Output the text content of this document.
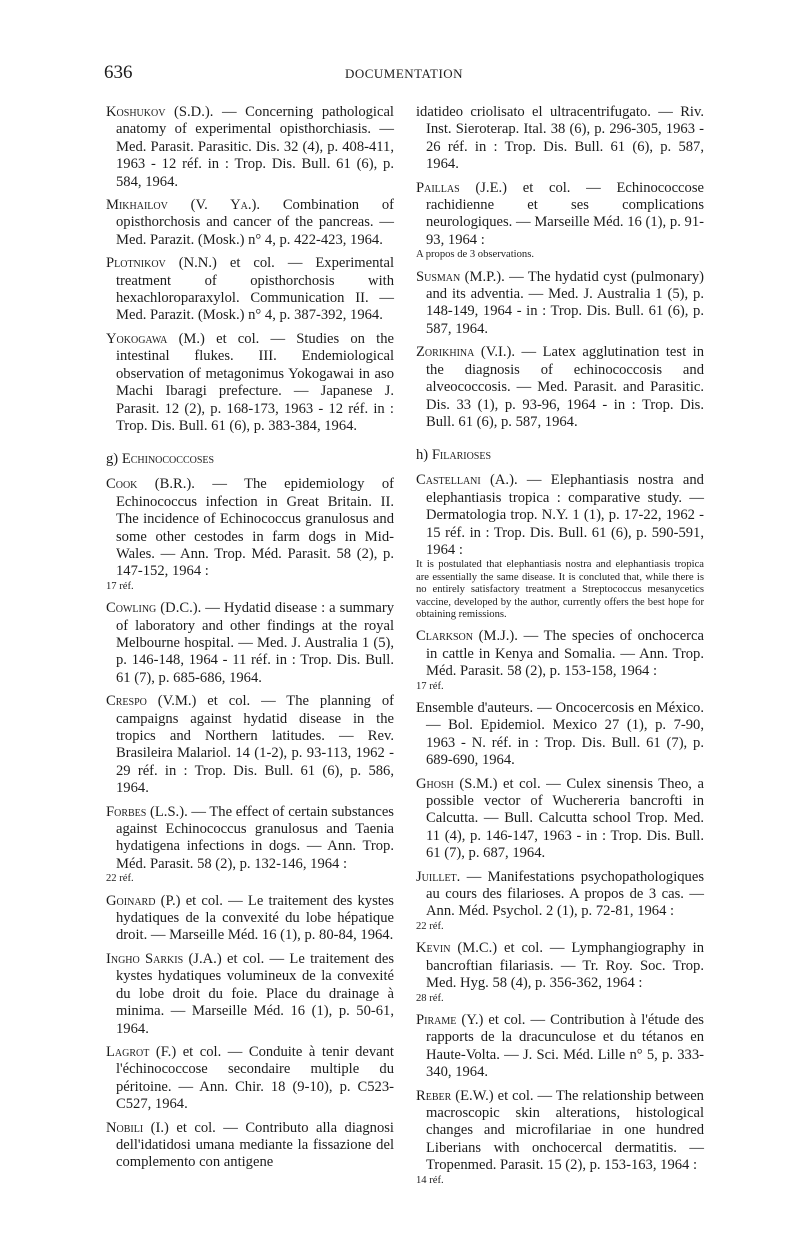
636	DOCUMENTATION

Koshukov (S.D.). — Concerning pathological anatomy of experimental opisthorchiasis. — Med. Parasit. Parasitic. Dis. 32 (4), p. 408-411, 1963 - 12 réf. in : Trop. Dis. Bull. 61 (6), p. 584, 1964.

Mikhailov (V. Ya.). Combination of opisthorchosis and cancer of the pancreas. — Med. Parazit. (Mosk.) n° 4, p. 422-423, 1964.

Plotnikov (N.N.) et col. — Experimental treatment of opisthorchosis with hexachloroparaxylol. Communication II. — Med. Parazit. (Mosk.) n° 4, p. 387-392, 1964.

Yokogawa (M.) et col. — Studies on the intestinal flukes. III. Endemiological observation of metagonimus Yokogawai in aso Machi Ibaragi prefecture. — Japanese J. Parasit. 12 (2), p. 168-173, 1963 - 12 réf. in : Trop. Dis. Bull. 61 (6), p. 383-384, 1964.

g) Echinococcoses

Cook (B.R.). — The epidemiology of Echinococcus infection in Great Britain. II. The incidence of Echinococcus granulosus and some other cestodes in farm dogs in Mid-Wales. — Ann. Trop. Méd. Parasit. 58 (2), p. 147-152, 1964 :

17 réf.

Cowling (D.C.). — Hydatid disease : a summary of laboratory and other findings at the royal Melbourne hospital. — Med. J. Australia 1 (5), p. 146-148, 1964 - 11 réf. in : Trop. Dis. Bull. 61 (7), p. 685-686, 1964.

Crespo (V.M.) et col. — The planning of campaigns against hydatid disease in the tropics and Northern latitudes. — Rev. Brasileira Malariol. 14 (1-2), p. 93-113, 1962 - 29 réf. in : Trop. Dis. Bull. 61 (6), p. 586, 1964.

Forbes (L.S.). — The effect of certain substances against Echinococcus granulosus and Taenia hydatigena infections in dogs. — Ann. Trop. Méd. Parasit. 58 (2), p. 132-146, 1964 :

22 réf.

Goinard (P.) et col. — Le traitement des kystes hydatiques de la convexité du lobe hépatique droit. — Marseille Méd. 16 (1), p. 80-84, 1964.

Ingho Sarkis (J.A.) et col. — Le traitement des kystes hydatiques volumineux de la convexité du lobe droit du foie. Place du drainage à minima. — Marseille Méd. 16 (1), p. 50-61, 1964.

Lagrot (F.) et col. — Conduite à tenir devant l'échinococcose secondaire multiple du péritoine. — Ann. Chir. 18 (9-10), p. C523-C527, 1964.

Nobili (I.) et col. — Contributo alla diagnosi dell'idatidosi umana mediante la fissazione del complemento con antigene

idatideo criolisato el ultracentrifugato. — Riv. Inst. Sieroterap. Ital. 38 (6), p. 296-305, 1963 - 26 réf. in : Trop. Dis. Bull. 61 (6), p. 587, 1964.

Paillas (J.E.) et col. — Echinococcose rachidienne et ses complications neurologiques. — Marseille Méd. 16 (1), p. 91-93, 1964 :

A propos de 3 observations.

Susman (M.P.). — The hydatid cyst (pulmonary) and its adventia. — Med. J. Australia 1 (5), p. 148-149, 1964 - in : Trop. Dis. Bull. 61 (6), p. 587, 1964.

Zorikhina (V.I.). — Latex agglutination test in the diagnosis of echinococcosis and alveococcosis. — Med. Parasit. and Parasitic. Dis. 33 (1), p. 93-96, 1964 - in : Trop. Dis. Bull. 61 (6), p. 587, 1964.

h) Filarioses

Castellani (A.). — Elephantiasis nostra and elephantiasis tropica : comparative study. — Dermatologia trop. N.Y. 1 (1), p. 17-22, 1962 - 15 réf. in : Trop. Dis. Bull. 61 (6), p. 590-591, 1964 :

It is postulated that elephantiasis nostra and elephantiasis tropica are essentially the same disease. It is concluted that, while there is no entirely satisfactory treatment a Streptococcus mesanycetics vaccine, developed by the author, currently offers the best hope for obtaining remissions.

Clarkson (M.J.). — The species of onchocerca in cattle in Kenya and Somalia. — Ann. Trop. Méd. Parasit. 58 (2), p. 153-158, 1964 :

17 réf.

Ensemble d'auteurs. — Oncocercosis en México. — Bol. Epidemiol. Mexico 27 (1), p. 7-90, 1963 - N. réf. in : Trop. Dis. Bull. 61 (7), p. 689-690, 1964.

Ghosh (S.M.) et col. — Culex sinensis Theo, a possible vector of Wuchereria bancrofti in Calcutta. — Bull. Calcutta school Trop. Med. 11 (4), p. 146-147, 1963 - in : Trop. Dis. Bull. 61 (7), p. 687, 1964.

Juillet. — Manifestations psychopathologiques au cours des filarioses. A propos de 3 cas. — Ann. Méd. Psychol. 2 (1), p. 72-81, 1964 :

22 réf.

Kevin (M.C.) et col. — Lymphangiography in bancroftian filariasis. — Tr. Roy. Soc. Trop. Med. Hyg. 58 (4), p. 356-362, 1964 :

28 réf.

Pirame (Y.) et col. — Contribution à l'étude des rapports de la dracunculose et du tétanos en Haute-Volta. — J. Sci. Méd. Lille n° 5, p. 333-340, 1964.

Reber (E.W.) et col. — The relationship between macroscopic skin alterations, histological changes and microfilariae in one hundred Liberians with onchocercal dermatitis. — Tropenmed. Parasit. 15 (2), p. 153-163, 1964 :

14 réf.
